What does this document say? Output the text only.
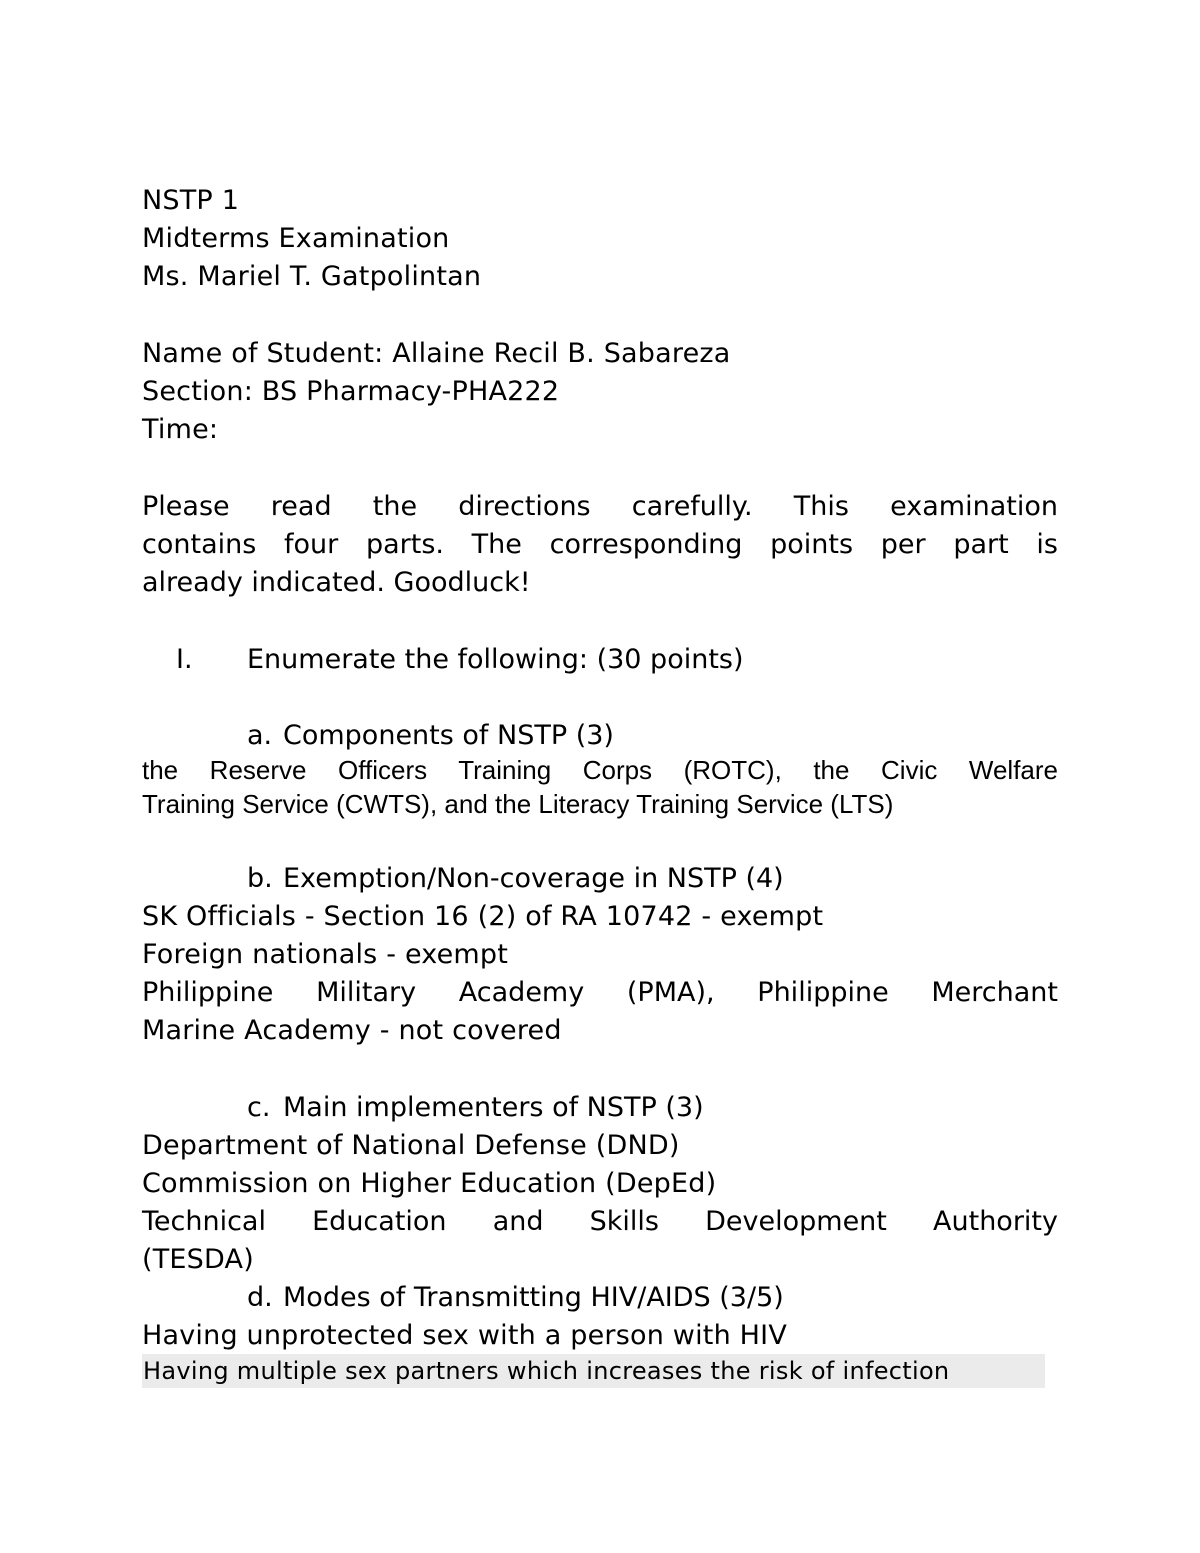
NSTP 1
Midterms Examination
Ms. Mariel T. Gatpolintan
Name of Student: Allaine Recil B. Sabareza
Section: BS Pharmacy-PHA222
Time:
Please read the directions carefully. This examination
contains four parts. The corresponding points per part is
already indicated. Goodluck!
I. Enumerate the following: (30 points)
a. Components of NSTP (3)
the Reserve Officers Training Corps (ROTC), the Civic Welfare
Training Service (CWTS), and the Literacy Training Service (LTS)
b. Exemption/Non-coverage in NSTP (4)
SK Officials - Section 16 (2) of RA 10742 - exempt
Foreign nationals - exempt
Philippine Military Academy (PMA), Philippine Merchant
Marine Academy - not covered
c. Main implementers of NSTP (3)
Department of National Defense (DND)
Commission on Higher Education (DepEd)
Technical Education and Skills Development Authority
(TESDA)
d. Modes of Transmitting HIV/AIDS (3/5)
Having unprotected sex with a person with HIV
Having multiple sex partners which increases the risk of infection
